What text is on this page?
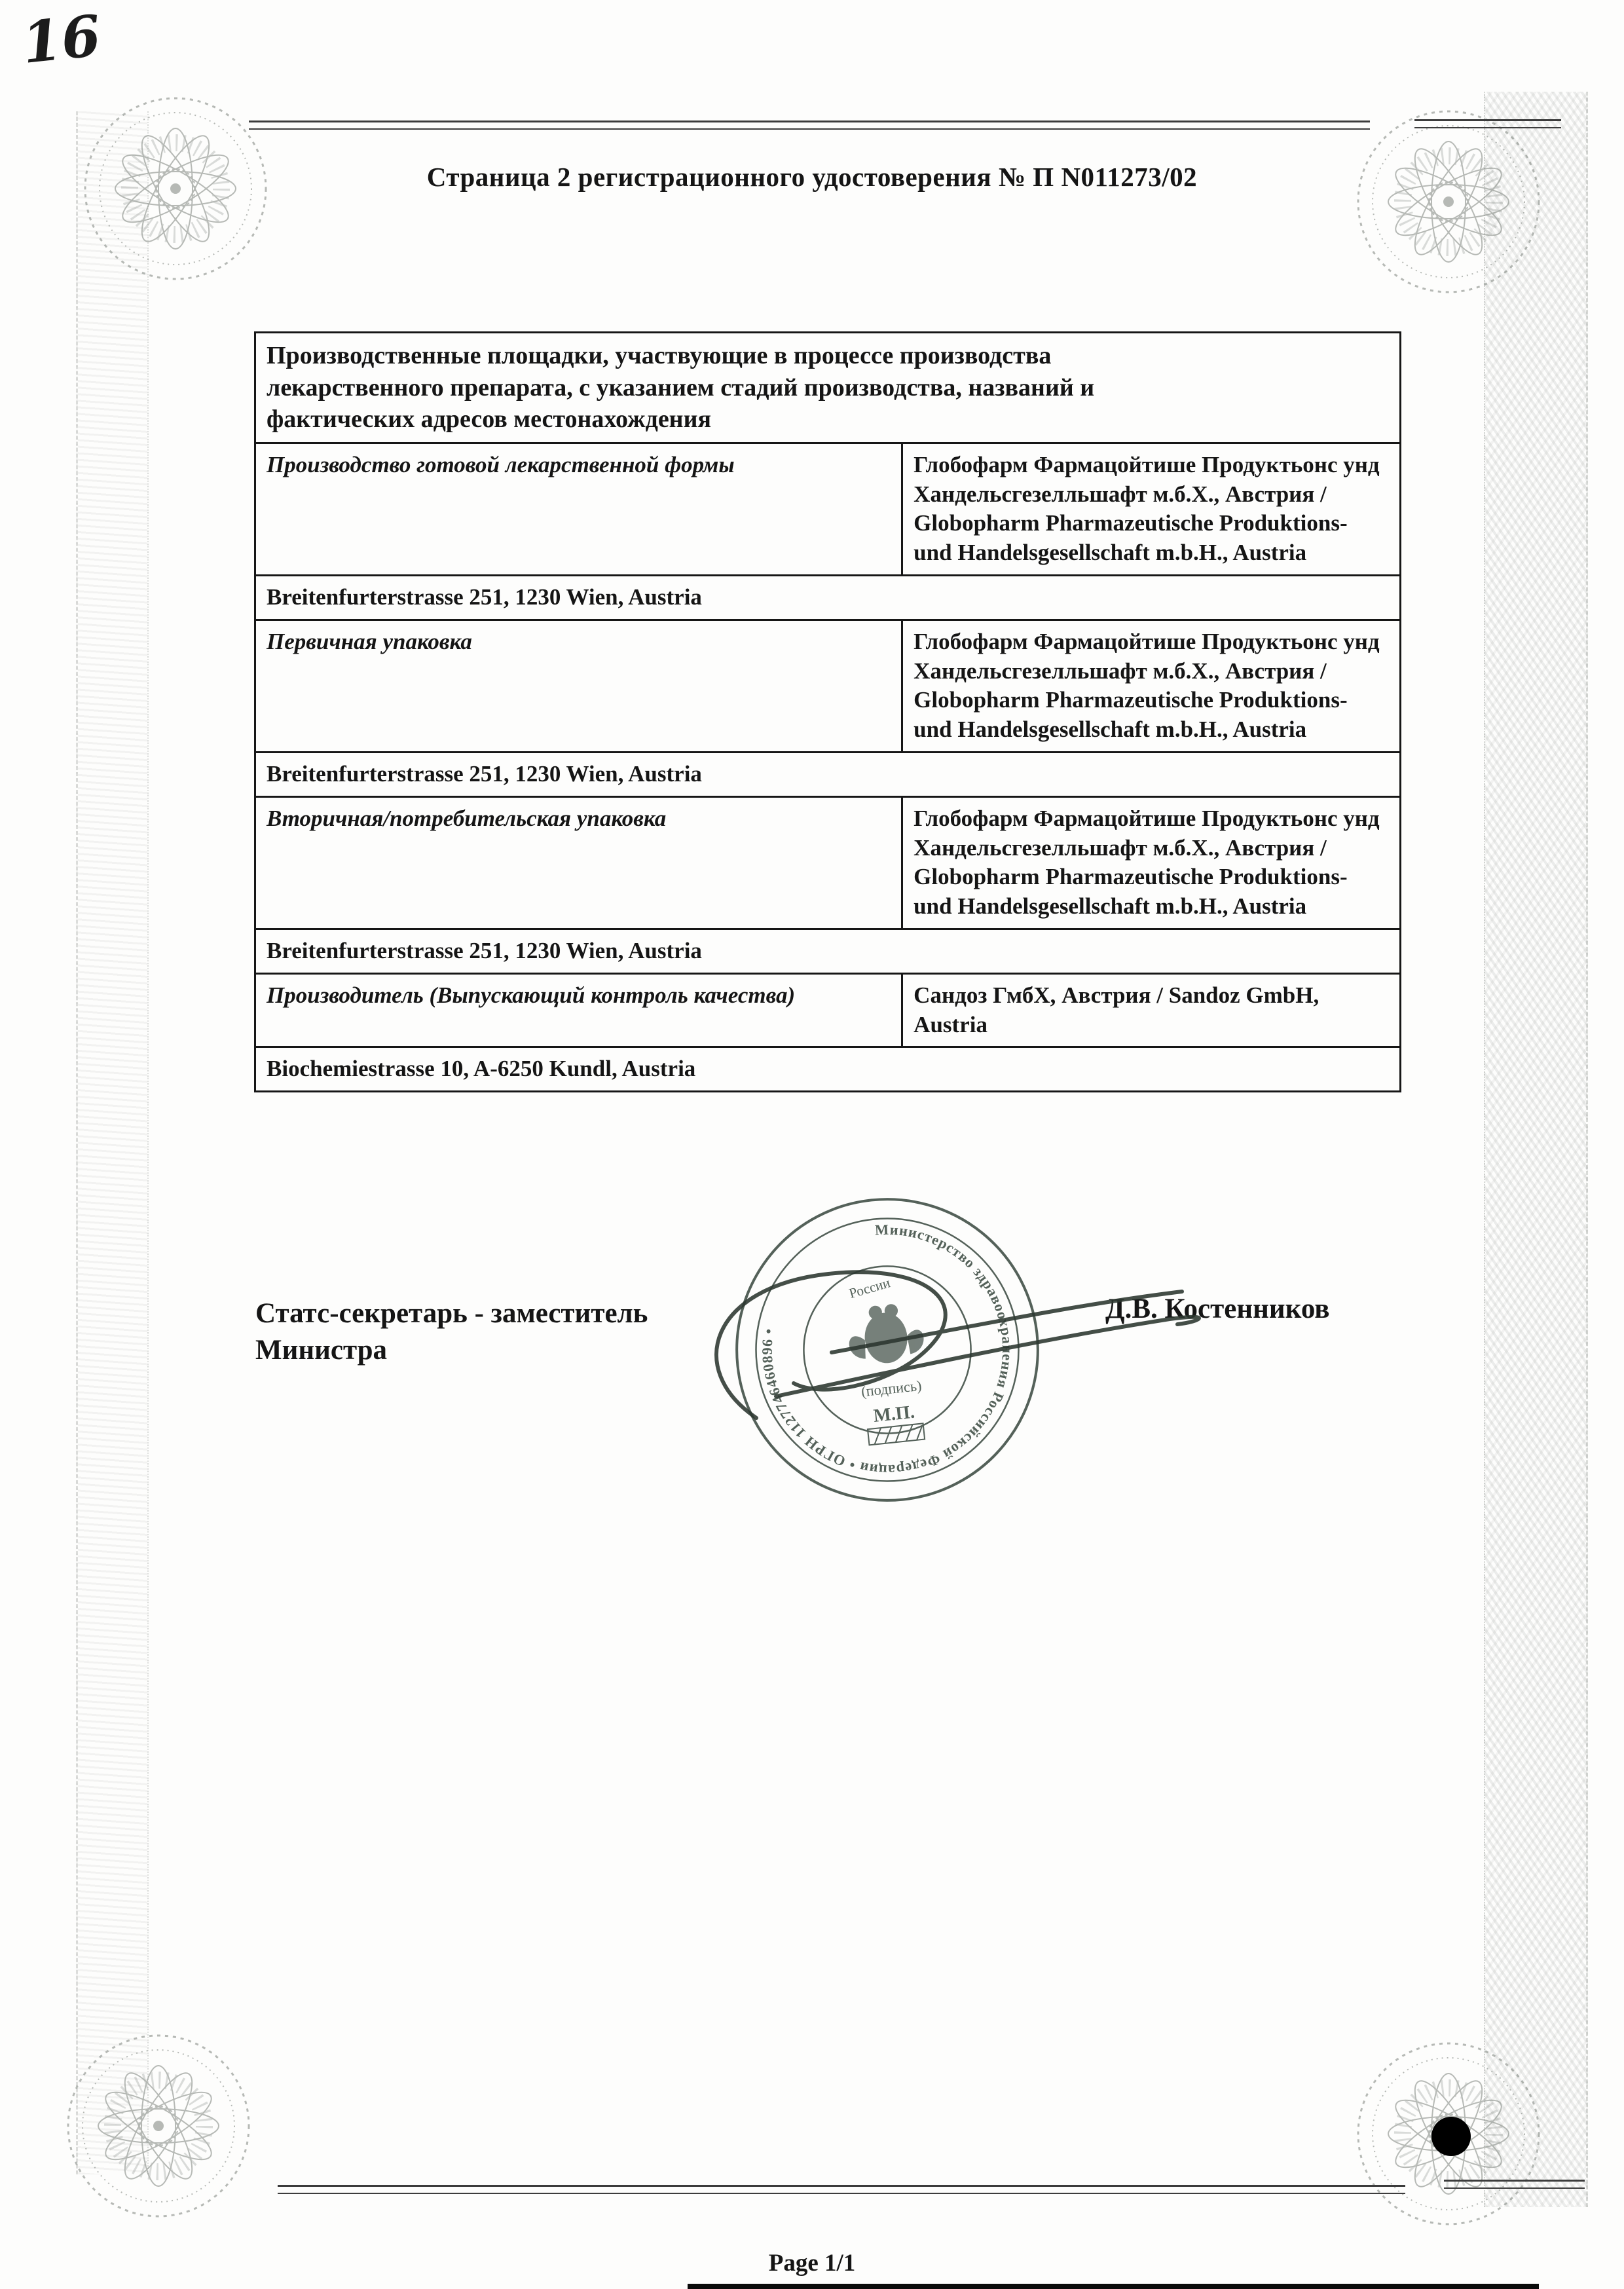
16
Страница 2 регистрационного удостоверения № П N011273/02
Производственные площадки, участвующие в процессе производства лекарственного препарата, с указанием стадий производства, названий и фактических адресов местонахождения	

Производство готовой лекарственной формы	Глобофарм Фармацойтише Продуктьонс унд Хандельсгезелльшафт м.б.Х., Австрия / Globopharm Pharmazeutische Produktions- und Handelsgesellschaft m.b.H., Austria
Breitenfurterstrasse 251, 1230 Wien, Austria	
Первичная упаковка	Глобофарм Фармацойтише Продуктьонс унд Хандельсгезелльшафт м.б.Х., Австрия / Globopharm Pharmazeutische Produktions- und Handelsgesellschaft m.b.H., Austria
Breitenfurterstrasse 251, 1230 Wien, Austria	
Вторичная/потребительская упаковка	Глобофарм Фармацойтише Продуктьонс унд Хандельсгезелльшафт м.б.Х., Австрия / Globopharm Pharmazeutische Produktions- und Handelsgesellschaft m.b.H., Austria
Breitenfurterstrasse 251, 1230 Wien, Austria	
Производитель (Выпускающий контроль качества)	Сандоз ГмбХ, Австрия / Sandoz GmbH, Austria
Biochemiestrasse 10, A-6250 Kundl, Austria	
Статс-секретарь - заместитель Министра
Д.В. Костенников
Министерство здравоохранения Российской Федерации • ОГРН 1127746460896 •
России
(подпись)
М.П.
Page 1/1
